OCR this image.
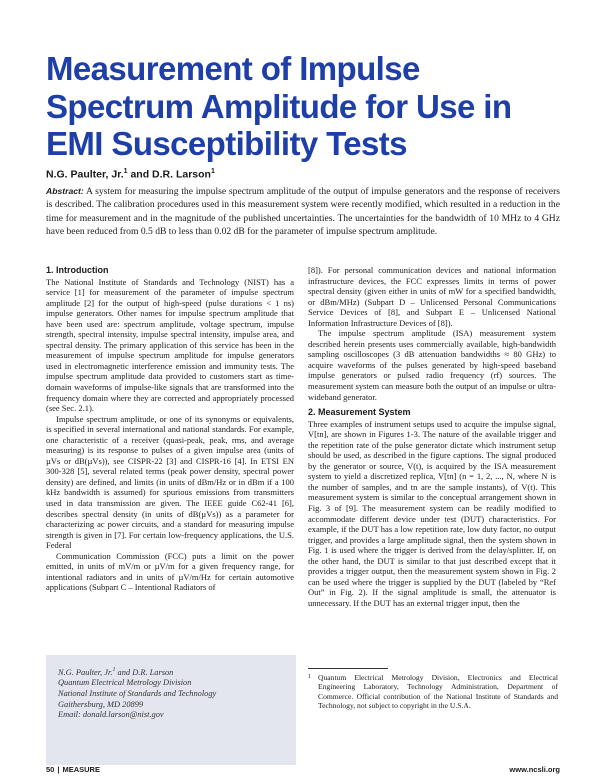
Measurement of Impulse Spectrum Amplitude for Use in EMI Susceptibility Tests
N.G. Paulter, Jr.$^1$ and D.R. Larson$^1$
Abstract: A system for measuring the impulse spectrum amplitude of the output of impulse generators and the response of receivers is described. The calibration procedures used in this measurement system were recently modified, which resulted in a reduction in the time for measurement and in the magnitude of the published uncertainties. The uncertainties for the bandwidth of 10 MHz to 4 GHz have been reduced from 0.5 dB to less than 0.02 dB for the parameter of impulse spectrum amplitude.
1. Introduction

The National Institute of Standards and Technology (NIST) has a service [1] for measurement of the parameter of impulse spectrum amplitude [2] for the output of high-speed (pulse durations < 1 ns) impulse generators. Other names for impulse spectrum amplitude that have been used are: spectrum amplitude, voltage spectrum, impulse strength, spectral intensity, impulse spectral intensity, impulse area, and spectral density. The primary application of this service has been in the measurement of impulse spectrum amplitude for impulse generators used in electromagnetic interference emission and immunity tests. The impulse spectrum amplitude data provided to customers start as time-domain waveforms of impulse-like signals that are transformed into the frequency domain where they are corrected and appropriately processed (see Sec. 2.1).

Impulse spectrum amplitude, or one of its synonyms or equivalents, is specified in several international and national standards. For example, one characteristic of a receiver (quasi-peak, peak, rms, and average measuring) is its response to pulses of a given impulse area (units of µVs or dB(µVs)), see CISPR-22 [3] and CISPR-16 [4]. In ETSI EN 300-328 [5], several related terms (peak power density, spectral power density) are defined, and limits (in units of dBm/Hz or in dBm if a 100 kHz bandwidth is assumed) for spurious emissions from transmitters used in data transmission are given. The IEEE guide C62-41 [6], describes spectral density (in units of dB(µVs)) as a parameter for characterizing ac power circuits, and a standard for measuring impulse strength is given in [7]. For certain low-frequency applications, the U.S. Federal

Communication Commission (FCC) puts a limit on the power emitted, in units of mV/m or µV/m for a given frequency range, for intentional radiators and in units of µV/m/Hz for certain automotive applications (Subpart C – Intentional Radiators of

[8]). For personal communication devices and national information infrastructure devices, the FCC expresses limits in terms of power spectral density (given either in units of mW for a specified bandwidth, or dBm/MHz) (Subpart D – Unlicensed Personal Communications Service Devices of [8], and Subpart E – Unlicensed National Information Infrastructure Devices of [8]).

The impulse spectrum amplitude (ISA) measurement system described herein presents uses commercially available, high-bandwidth sampling oscilloscopes (3 dB attenuation bandwidths ≈ 80 GHz) to acquire waveforms of the pulses generated by high-speed baseband impulse generators or pulsed radio frequency (rf) sources. The measurement system can measure both the output of an impulse or ultra-wideband generator.

2. Measurement System

Three examples of instrument setups used to acquire the impulse signal, V[tn], are shown in Figures 1-3. The nature of the available trigger and the repetition rate of the pulse generator dictate which instrument setup should be used, as described in the figure captions. The signal produced by the generator or source, V(t), is acquired by the ISA measurement system to yield a discretized replica, V[tn] (n = 1, 2, ..., N, where N is the number of samples, and tn are the sample instants), of V(t). This measurement system is similar to the conceptual arrangement shown in Fig. 3 of [9]. The measurement system can be readily modified to accommodate different device under test (DUT) characteristics. For example, if the DUT has a low repetition rate, low duty factor, no output trigger, and provides a large amplitude signal, then the system shown in Fig. 1 is used where the trigger is derived from the delay/splitter. If, on the other hand, the DUT is similar to that just described except that it provides a trigger output, then the measurement system shown in Fig. 2 can be used where the trigger is supplied by the DUT (labeled by “Ref Out” in Fig. 2). If the signal amplitude is small, the attenuator is unnecessary. If the DUT has an external trigger input, then the

N.G. Paulter, Jr.$^1$ and D.R. Larson
Quantum Electrical Metrology Division
National Institute of Standards and Technology
Gaithersburg, MD 20899
Email: donald.larson@nist.gov
1 Quantum Electrical Metrology Division, Electronics and Electrical Engineering Laboratory, Technology Administration, Department of Commerce. Official contribution of the National Institute of Standards and Technology, not subject to copyright in the U.S.A.
50 | MEASURE	www.ncsli.org
